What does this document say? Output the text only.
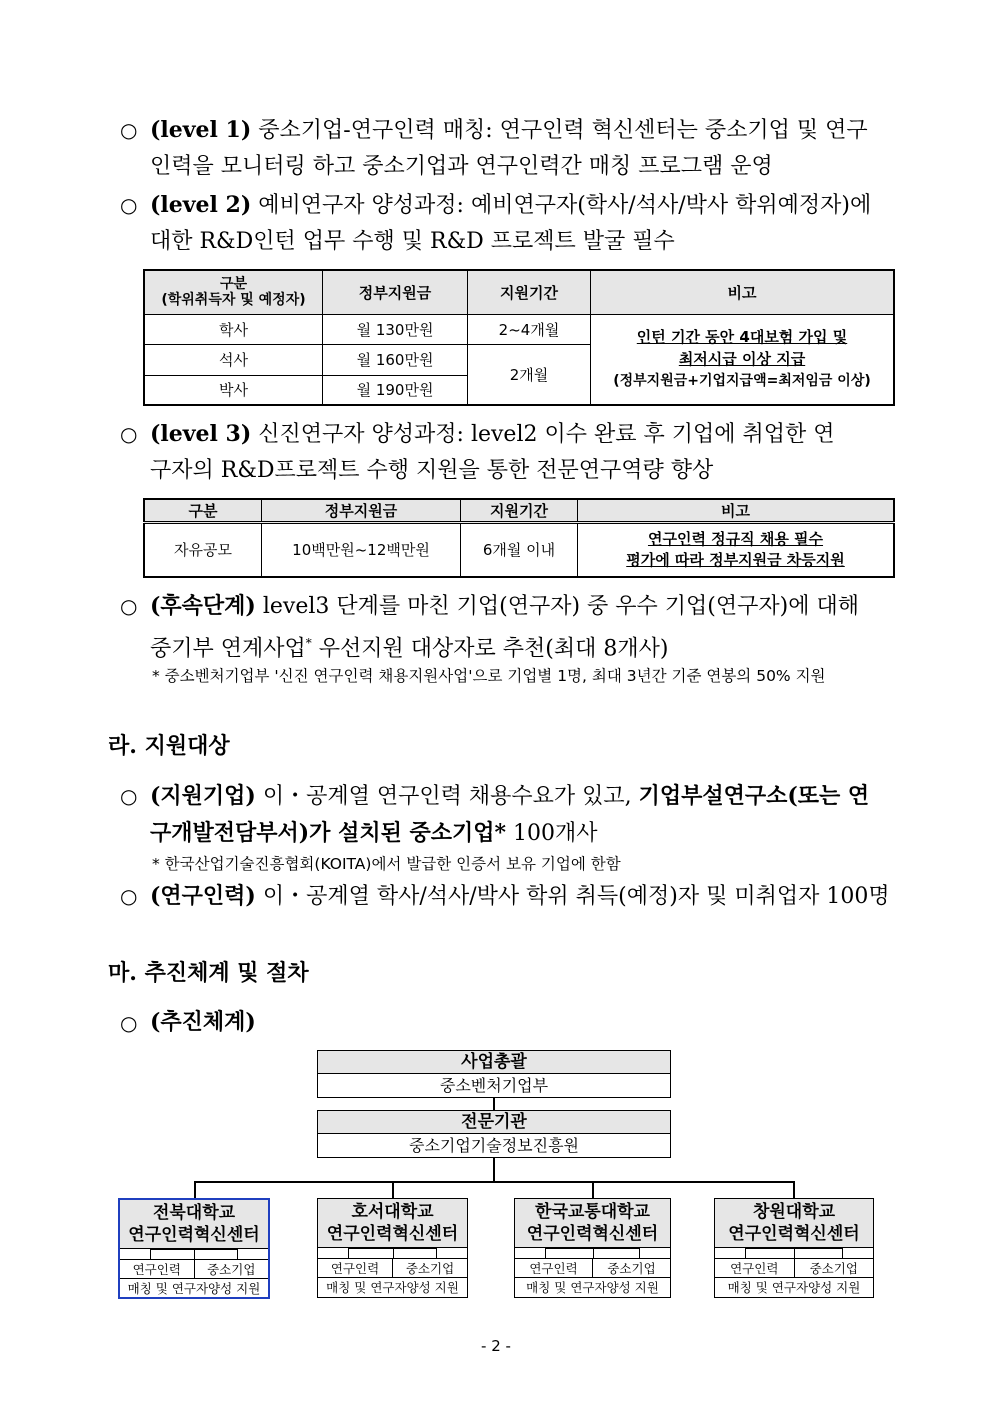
○ (level 1) 중소기업-연구인력 매칭: 연구인력 혁신센터는 중소기업 및 연구
인력을 모니터링 하고 중소기업과 연구인력간 매칭 프로그램 운영
○ (level 2) 예비연구자 양성과정: 예비연구자(학사/석사/박사 학위예정자)에
대한 R&D인턴 업무 수행 및 R&D 프로젝트 발굴 필수
구분
(학위취득자 및 예정자)	정부지원금	지원기간	비고
학사	월 130만원	2~4개월	인턴 기간 동안 4대보험 가입 및
최저시급 이상 지급
(정부지원금+기업지급액=최저임금 이상)

석사	월 160만원	2개월	
박사	월 190만원		
○ (level 3) 신진연구자 양성과정: level2 이수 완료 후 기업에 취업한 연
구자의 R&D프로젝트 수행 지원을 통한 전문연구역량 향상
구분	정부지원금	지원기간	비고
자유공모	10백만원~12백만원	6개월 이내	연구인력 정규직 채용 필수
평가에 따라 정부지원금 차등지원
○ (후속단계) level3 단계를 마친 기업(연구자) 중 우수 기업(연구자)에 대해
중기부 연계사업* 우선지원 대상자로 추천(최대 8개사)
* 중소벤처기업부 '신진 연구인력 채용지원사업'으로 기업별 1명, 최대 3년간 기준 연봉의 50% 지원
라. 지원대상
○ (지원기업) 이・공계열 연구인력 채용수요가 있고, 기업부설연구소(또는 연
구개발전담부서)가 설치된 중소기업* 100개사
* 한국산업기술진흥협회(KOITA)에서 발급한 인증서 보유 기업에 한함
○ (연구인력) 이・공계열 학사/석사/박사 학위 취득(예정)자 및 미취업자 100명
마. 추진체계 및 절차
○ (추진체계)
사업총괄
중소벤처기업부
전문기관
중소기업기술정보진흥원
전북대학교
연구인력혁신센터
연구인력	중소기업
매칭 및 연구자양성 지원
호서대학교
연구인력혁신센터
연구인력	중소기업
매칭 및 연구자양성 지원
한국교통대학교
연구인력혁신센터
연구인력	중소기업
매칭 및 연구자양성 지원
창원대학교
연구인력혁신센터
연구인력	중소기업
매칭 및 연구자양성 지원
- 2 -
